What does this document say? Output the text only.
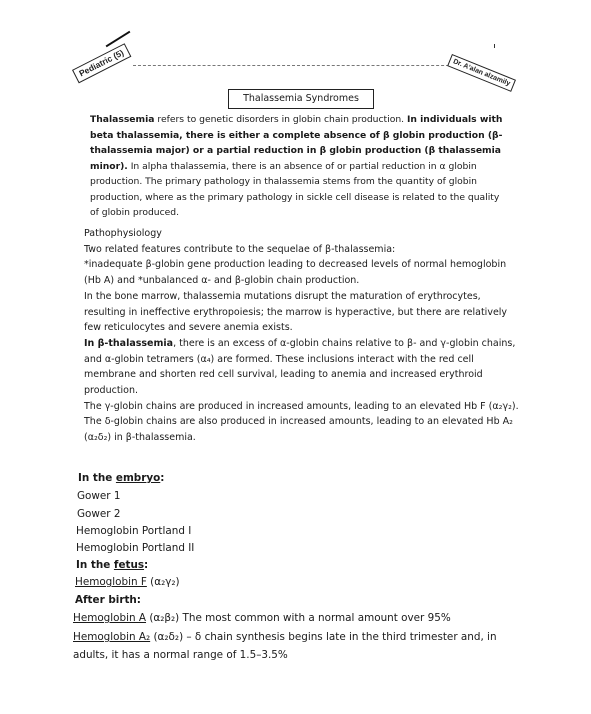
Pediatric (5)	Dr. A'alan alzamily
Thalassemia Syndromes

Thalassemia refers to genetic disorders in globin chain production. In individuals with beta thalassemia, there is either a complete absence of β globin production (β-thalassemia major) or a partial reduction in β globin production (β thalassemia minor). In alpha thalassemia, there is an absence of or partial reduction in α globin production. The primary pathology in thalassemia stems from the quantity of globin production, where as the primary pathology in sickle cell disease is related to the quality of globin produced.

Pathophysiology
Two related features contribute to the sequelae of β-thalassemia:
*inadequate β-globin gene production leading to decreased levels of normal hemoglobin (Hb A) and *unbalanced α- and β-globin chain production.
In the bone marrow, thalassemia mutations disrupt the maturation of erythrocytes, resulting in ineffective erythropoiesis; the marrow is hyperactive, but there are relatively few reticulocytes and severe anemia exists.
In β-thalassemia, there is an excess of α-globin chains relative to β- and γ-globin chains, and α-globin tetramers (α₄) are formed. These inclusions interact with the red cell membrane and shorten red cell survival, leading to anemia and increased erythroid production.
The γ-globin chains are produced in increased amounts, leading to an elevated Hb F (α₂γ₂).
The δ-globin chains are also produced in increased amounts, leading to an elevated Hb A₂ (α₂δ₂) in β-thalassemia.
In the embryo:
Gower 1
Gower 2
Hemoglobin Portland I
Hemoglobin Portland II
In the fetus:
Hemoglobin F (α₂γ₂)
After birth:
Hemoglobin A (α₂β₂) The most common with a normal amount over 95%
Hemoglobin A₂ (α₂δ₂) – δ chain synthesis begins late in the third trimester and, in adults, it has a normal range of 1.5–3.5%
